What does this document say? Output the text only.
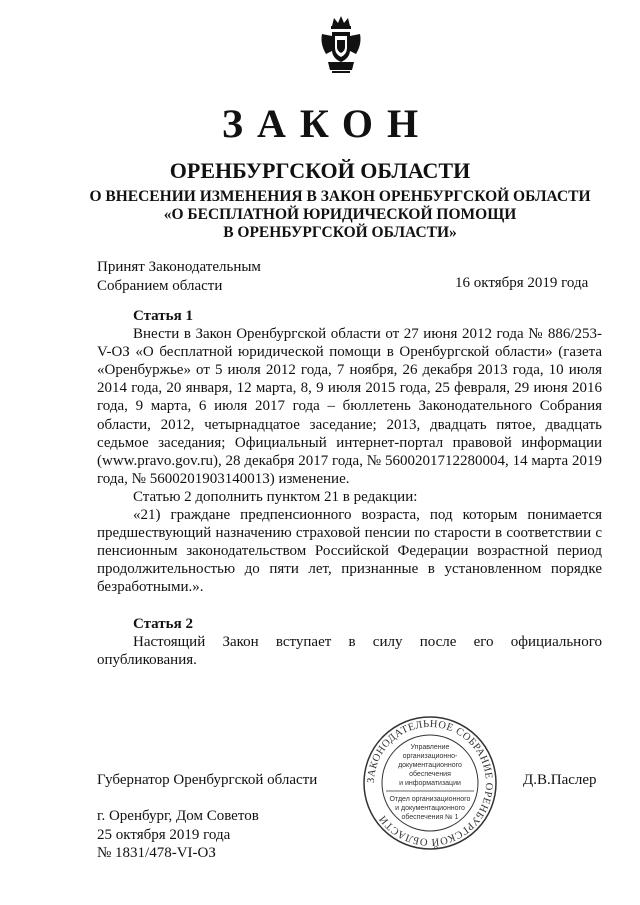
ЗАКОН
ОРЕНБУРГСКОЙ ОБЛАСТИ
О ВНЕСЕНИИ ИЗМЕНЕНИЯ В ЗАКОН ОРЕНБУРГСКОЙ ОБЛАСТИ
«О БЕСПЛАТНОЙ ЮРИДИЧЕСКОЙ ПОМОЩИ
В ОРЕНБУРГСКОЙ ОБЛАСТИ»
Принят Законодательным
Собранием области	16 октября 2019 года
Статья 1

Внести в Закон Оренбургской области от 27 июня 2012 года № 886/253-V-ОЗ «О бесплатной юридической помощи в Оренбургской области» (газета «Оренбуржье» от 5 июля 2012 года, 7 ноября, 26 декабря 2013 года, 10 июля 2014 года, 20 января, 12 марта, 8, 9 июля 2015 года, 25 февраля, 29 июня 2016 года, 9 марта, 6 июля 2017 года – бюллетень Законодательного Собрания области, 2012, четырнадцатое заседание; 2013, двадцать пятое, двадцать седьмое заседания; Официальный интернет-портал правовой информации (www.pravo.gov.ru), 28 декабря 2017 года, № 5600201712280004, 14 марта 2019 года, № 5600201903140013) изменение.

Статью 2 дополнить пунктом 21 в редакции:

«21) граждане предпенсионного возраста, под которым понимается предшествующий назначению страховой пенсии по старости в соответствии с пенсионным законодательством Российской Федерации возрастной период продолжительностью до пяти лет, признанные в установленном порядке безработными.».

Статья 2

Настоящий Закон вступает в силу после его официального опубликования.

ЗАКОНОДАТЕЛЬНОЕ СОБРАНИЕ ОРЕНБУРГСКОЙ ОБЛАСТИ
Управление
организационно-
документационного
обеспечения
и информатизации
Отдел организационного
и документационного
обеспечения № 1
Губернатор Оренбургской области	Д.В.Паслер
г. Оренбург, Дом Советов
25 октября 2019 года
№ 1831/478-VI-ОЗ
